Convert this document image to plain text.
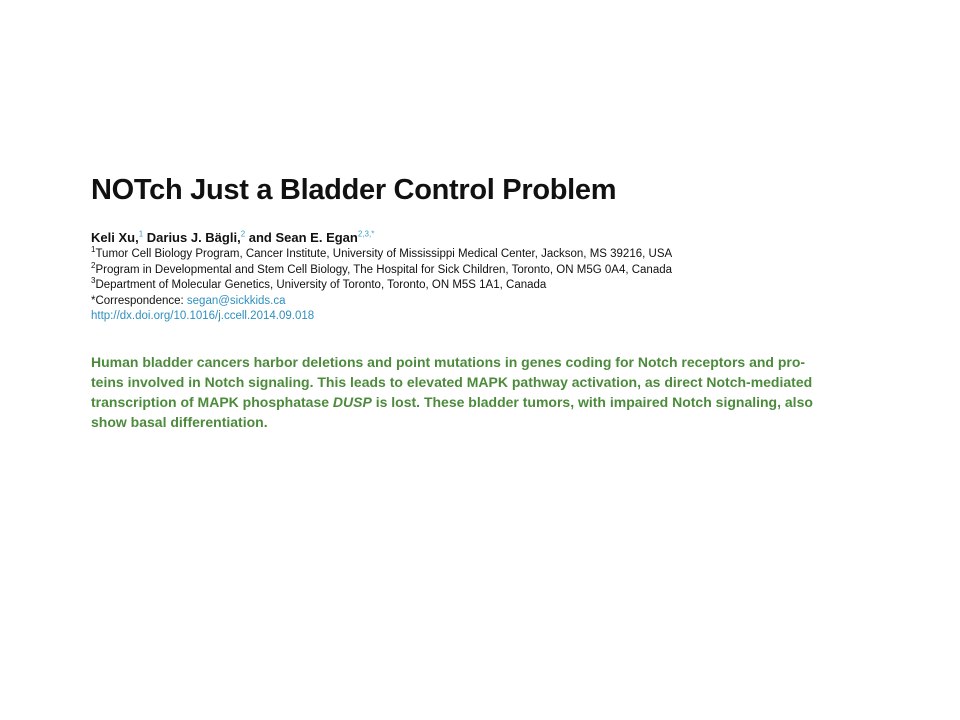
NOTch Just a Bladder Control Problem
Keli Xu,$^1$ Darius J. Bägli,$^2$ and Sean E. Egan$^{2,3,*}$
$^1$Tumor Cell Biology Program, Cancer Institute, University of Mississippi Medical Center, Jackson, MS 39216, USA
$^2$Program in Developmental and Stem Cell Biology, The Hospital for Sick Children, Toronto, ON M5G 0A4, Canada
$^3$Department of Molecular Genetics, University of Toronto, Toronto, ON M5S 1A1, Canada
*Correspondence: segan@sickkids.ca
http://dx.doi.org/10.1016/j.ccell.2014.09.018
Human bladder cancers harbor deletions and point mutations in genes coding for Notch receptors and pro-
teins involved in Notch signaling. This leads to elevated MAPK pathway activation, as direct Notch-mediated
transcription of MAPK phosphatase DUSP is lost. These bladder tumors, with impaired Notch signaling, also
show basal differentiation.
